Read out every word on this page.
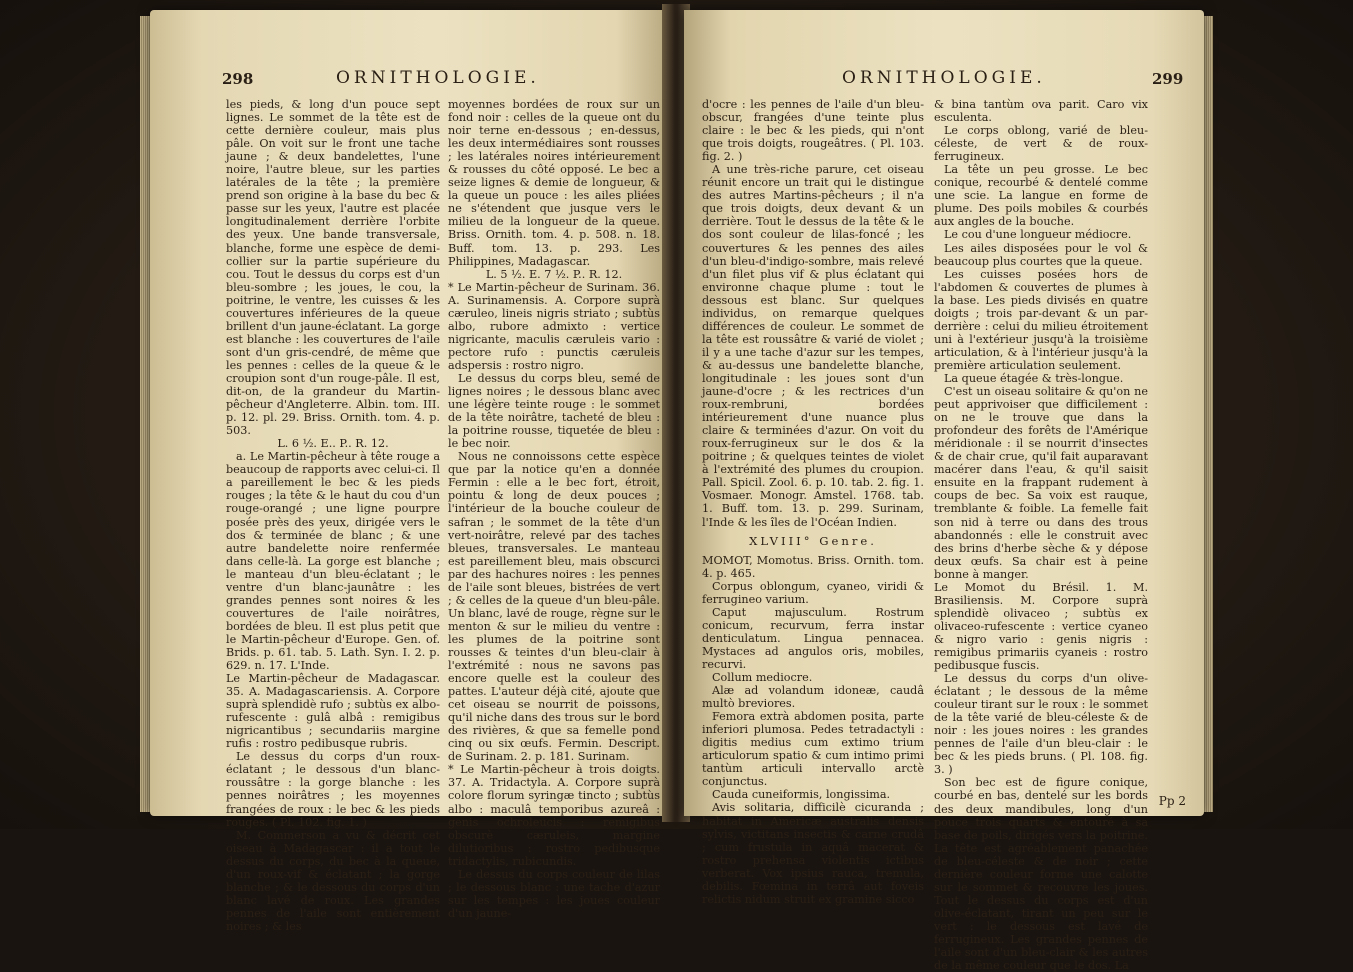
298	ORNITHOLOGIE.

les pieds, & long d'un pouce sept lignes. Le sommet de la tête est de cette dernière couleur, mais plus pâle. On voit sur le front une tache jaune ; & deux bandelettes, l'une noire, l'autre bleue, sur les parties latérales de la tête ; la première prend son origine à la base du bec & passe sur les yeux, l'autre est placée longitudinalement derrière l'orbite des yeux. Une bande transversale, blanche, forme une espèce de demi-collier sur la partie supérieure du cou. Tout le dessus du corps est d'un bleu-sombre ; les joues, le cou, la poitrine, le ventre, les cuisses & les couvertures inférieures de la queue brillent d'un jaune-éclatant. La gorge est blanche : les couvertures de l'aile sont d'un gris-cendré, de même que les pennes : celles de la queue & le croupion sont d'un rouge-pâle. Il est, dit-on, de la grandeur du Martin-pêcheur d'Angleterre. Albin. tom. III. p. 12. pl. 29. Briss. Ornith. tom. 4. p. 503.

L. 6 ½. E.. P.. R. 12.

a. Le Martin-pêcheur à tête rouge a beaucoup de rapports avec celui-ci. Il a pareillement le bec & les pieds rouges ; la tête & le haut du cou d'un rouge-orangé ; une ligne pourpre posée près des yeux, dirigée vers le dos & terminée de blanc ; & une autre bandelette noire renfermée dans celle-là. La gorge est blanche ; le manteau d'un bleu-éclatant ; le ventre d'un blanc-jaunâtre : les grandes pennes sont noires & les couvertures de l'aile noirâtres, bordées de bleu. Il est plus petit que le Martin-pêcheur d'Europe. Gen. of. Brids. p. 61. tab. 5. Lath. Syn. I. 2. p. 629. n. 17. L'Inde.

Le Martin-pêcheur de Madagascar. 35. A. Madagascariensis. A. Corpore suprà splendidè rufo ; subtùs ex albo-rufescente : gulâ albâ : remigibus nigricantibus ; secundariis margine rufis : rostro pedibusque rubris.

Le dessus du corps d'un roux-éclatant ; le dessous d'un blanc-roussâtre : la gorge blanche : les pennes noirâtres ; les moyennes frangées de roux : le bec & les pieds rouges. ( Pl. 102. fig. 1. )

M. Commerson a vu & décrit cet oiseau à Madagascar : il a tout le dessus du corps, du bec à la queue, d'un roux-vif & éclatant ; la gorge blanche ; & le dessous du corps d'un blanc lavé de roux. Les grandes pennes de l'aile sont entièrement noires ; & les

moyennes bordées de roux sur un fond noir : celles de la queue ont du noir terne en-dessous ; en-dessus, les deux intermédiaires sont rousses ; les latérales noires intérieurement & rousses du côté opposé. Le bec a seize lignes & demie de longueur, & la queue un pouce : les ailes pliées ne s'étendent que jusque vers le milieu de la longueur de la queue. Briss. Ornith. tom. 4. p. 508. n. 18. Buff. tom. 13. p. 293. Les Philippines, Madagascar.

L. 5 ½. E. 7 ½. P.. R. 12.

* Le Martin-pêcheur de Surinam. 36. A. Surinamensis. A. Corpore suprà cæruleo, lineis nigris striato ; subtùs albo, rubore admixto : vertice nigricante, maculis cæruleis vario : pectore rufo : punctis cæruleis adspersis : rostro nigro.

Le dessus du corps bleu, semé de lignes noires ; le dessous blanc avec une légère teinte rouge : le sommet de la tête noirâtre, tacheté de bleu : la poitrine rousse, tiquetée de bleu : le bec noir.

Nous ne connoissons cette espèce que par la notice qu'en a donnée Fermin : elle a le bec fort, étroit, pointu & long de deux pouces ; l'intérieur de la bouche couleur de safran ; le sommet de la tête d'un vert-noirâtre, relevé par des taches bleues, transversales. Le manteau est pareillement bleu, mais obscurci par des hachures noires : les pennes de l'aile sont bleues, bistrées de vert ; & celles de la queue d'un bleu-pâle. Un blanc, lavé de rouge, règne sur le menton & sur le milieu du ventre : les plumes de la poitrine sont rousses & teintes d'un bleu-clair à l'extrémité : nous ne savons pas encore quelle est la couleur des pattes. L'auteur déjà cité, ajoute que cet oiseau se nourrit de poissons, qu'il niche dans des trous sur le bord des rivières, & que sa femelle pond cinq ou six œufs. Fermin. Descript. de Surinam. 2. p. 181. Surinam.

* Le Martin-pêcheur à trois doigts. 37. A. Tridactyla. A. Corpore suprà colore florum syringæ tincto ; subtùs albo : maculâ temporibus azureâ : genis ochroleucis : remigibus obscurè cæruleis, margine dilutioribus : rostro pedibusque tridactylis, rubicundis.

Le dessus du corps couleur de lilas ; le dessous blanc : une tache d'azur sur les tempes : les joues couleur d'un jaune-

ORNITHOLOGIE.	299

d'ocre : les pennes de l'aile d'un bleu-obscur, frangées d'une teinte plus claire : le bec & les pieds, qui n'ont que trois doigts, rougeâtres. ( Pl. 103. fig. 2. )

A une très-riche parure, cet oiseau réunit encore un trait qui le distingue des autres Martins-pêcheurs ; il n'a que trois doigts, deux devant & un derrière. Tout le dessus de la tête & le dos sont couleur de lilas-foncé ; les couvertures & les pennes des ailes d'un bleu-d'indigo-sombre, mais relevé d'un filet plus vif & plus éclatant qui environne chaque plume : tout le dessous est blanc. Sur quelques individus, on remarque quelques différences de couleur. Le sommet de la tête est roussâtre & varié de violet ; il y a une tache d'azur sur les tempes, & au-dessus une bandelette blanche, longitudinale : les joues sont d'un jaune-d'ocre ; & les rectrices d'un roux-rembruni, bordées intérieurement d'une nuance plus claire & terminées d'azur. On voit du roux-ferrugineux sur le dos & la poitrine ; & quelques teintes de violet à l'extrémité des plumes du croupion. Pall. Spicil. Zool. 6. p. 10. tab. 2. fig. 1. Vosmaer. Monogr. Amstel. 1768. tab. 1. Buff. tom. 13. p. 299. Surinam, l'Inde & les îles de l'Océan Indien.

XLVIII° Genre.

MOMOT, Momotus. Briss. Ornith. tom. 4. p. 465.

Corpus oblongum, cyaneo, viridi & ferrugineo varium.

Caput majusculum. Rostrum conicum, recurvum, ferra instar denticulatum. Lingua pennacea. Mystaces ad angulos oris, mobiles, recurvi.

Collum mediocre.

Alæ ad volandum idoneæ, caudâ multò breviores.

Femora extrà abdomen posita, parte inferiori plumosa. Pedes tetradactyli : digitis medius cum extimo trium articulorum spatio & cum intimo primi tantùm articuli intervallo arctè conjunctus.

Cauda cuneiformis, longissima.

Avis solitaria, difficilè cicuranda ; habitat in Americæ australis densis sylvis, victitans insectis & carne crudâ ; cum frustula in aquâ macerat & rostro prehensa violentis ictibus verberat. Vox ipsius rauca, tremula, debilis. Fœmina in terrâ aut foveis relictis nidum struit ex gramine sicco

& bina tantùm ova parit. Caro vix esculenta.

Le corps oblong, varié de bleu-céleste, de vert & de roux-ferrugineux.

La tête un peu grosse. Le bec conique, recourbé & dentelé comme une scie. La langue en forme de plume. Des poils mobiles & courbés aux angles de la bouche.

Le cou d'une longueur médiocre.

Les ailes disposées pour le vol & beaucoup plus courtes que la queue.

Les cuisses posées hors de l'abdomen & couvertes de plumes à la base. Les pieds divisés en quatre doigts ; trois par-devant & un par-derrière : celui du milieu étroitement uni à l'extérieur jusqu'à la troisième articulation, & à l'intérieur jusqu'à la première articulation seulement.

La queue étagée & très-longue.

C'est un oiseau solitaire & qu'on ne peut apprivoiser que difficilement : on ne le trouve que dans la profondeur des forêts de l'Amérique méridionale : il se nourrit d'insectes & de chair crue, qu'il fait auparavant macérer dans l'eau, & qu'il saisit ensuite en la frappant rudement à coups de bec. Sa voix est rauque, tremblante & foible. La femelle fait son nid à terre ou dans des trous abandonnés : elle le construit avec des brins d'herbe sèche & y dépose deux œufs. Sa chair est à peine bonne à manger.

Le Momot du Brésil. 1. M. Brasiliensis. M. Corpore suprà splendidè olivaceo ; subtùs ex olivaceo-rufescente : vertice cyaneo & nigro vario : genis nigris : remigibus primariis cyaneis : rostro pedibusque fuscis.

Le dessus du corps d'un olive-éclatant ; le dessous de la même couleur tirant sur le roux : le sommet de la tête varié de bleu-céleste & de noir : les joues noires : les grandes pennes de l'aile d'un bleu-clair : le bec & les pieds bruns. ( Pl. 108. fig. 3. )

Son bec est de figure conique, courbé en bas, dentelé sur les bords des deux mandibules, long d'un pouce trois quarts & entouré à sa base de poils, dirigés vers la poitrine. La tête est agréablement panachée de bleu-céleste & de noir ; cette dernière couleur forme une calotte sur le sommet & recouvre les joues. Tout le dessus du corps est d'un olive-éclatant, tirant un peu sur le vert : le dessous est lavé de ferrugineux. Les grandes pennes de l'aile sont d'un bleu-clair & les autres de la même couleur que le dos. La

Pp 2
